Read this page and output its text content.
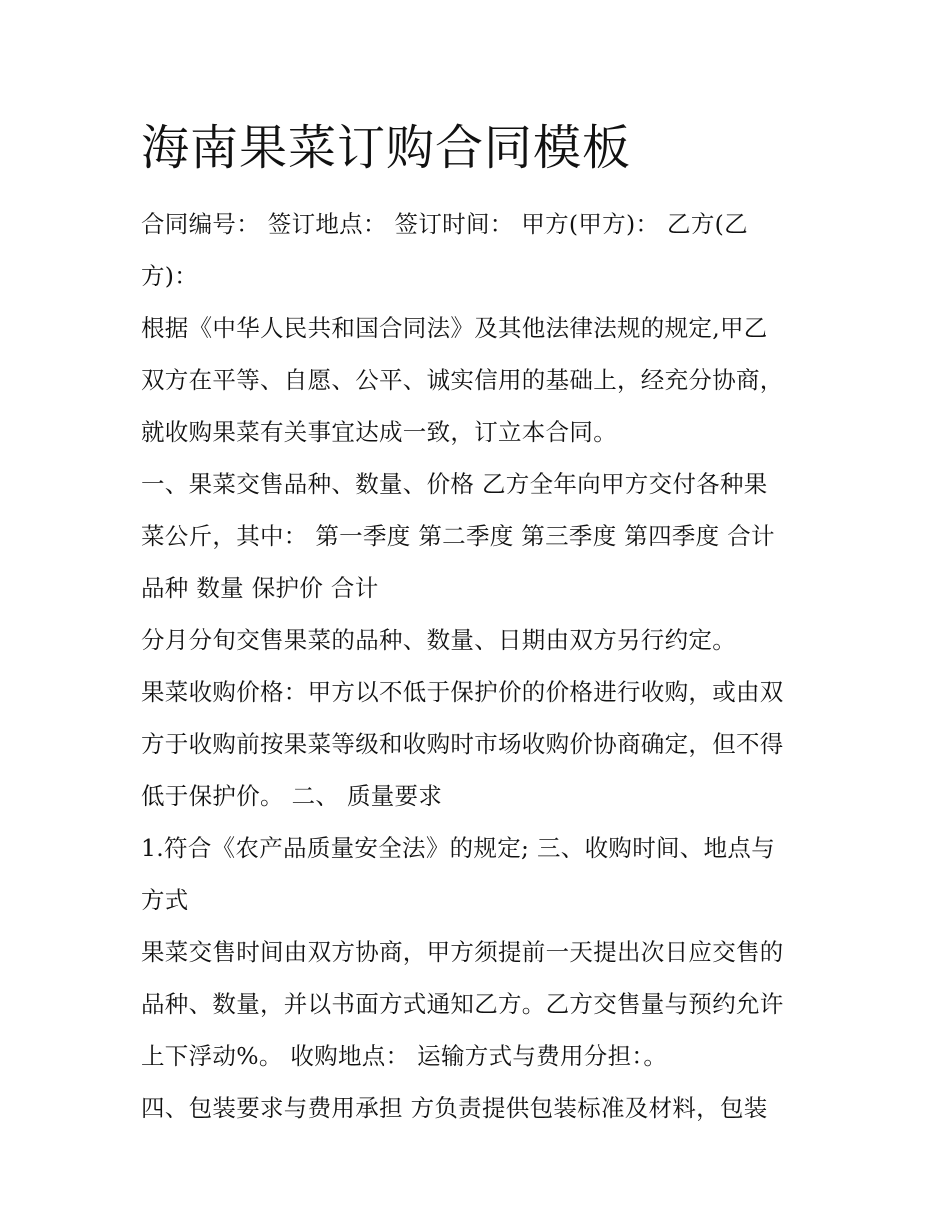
海南果菜订购合同模板

合同编号： 签订地点： 签订时间： 甲方(甲方)： 乙方(乙
方)：

根据《中华人民共和国合同法》及其他法律法规的规定,甲乙
双方在平等、自愿、公平、诚实信用的基础上，经充分协商，
就收购果菜有关事宜达成一致，订立本合同。

一、果菜交售品种、数量、价格 乙方全年向甲方交付各种果
菜公斤，其中： 第一季度 第二季度 第三季度 第四季度 合计
品种 数量 保护价 合计

分月分旬交售果菜的品种、数量、日期由双方另行约定。

果菜收购价格：甲方以不低于保护价的价格进行收购，或由双
方于收购前按果菜等级和收购时市场收购价协商确定，但不得
低于保护价。 二、 质量要求

1.符合《农产品质量安全法》的规定; 三、收购时间、地点与
方式

果菜交售时间由双方协商，甲方须提前一天提出次日应交售的
品种、数量，并以书面方式通知乙方。乙方交售量与预约允许
上下浮动%。 收购地点： 运输方式与费用分担：。

四、包装要求与费用承担 方负责提供包装标准及材料，包装
